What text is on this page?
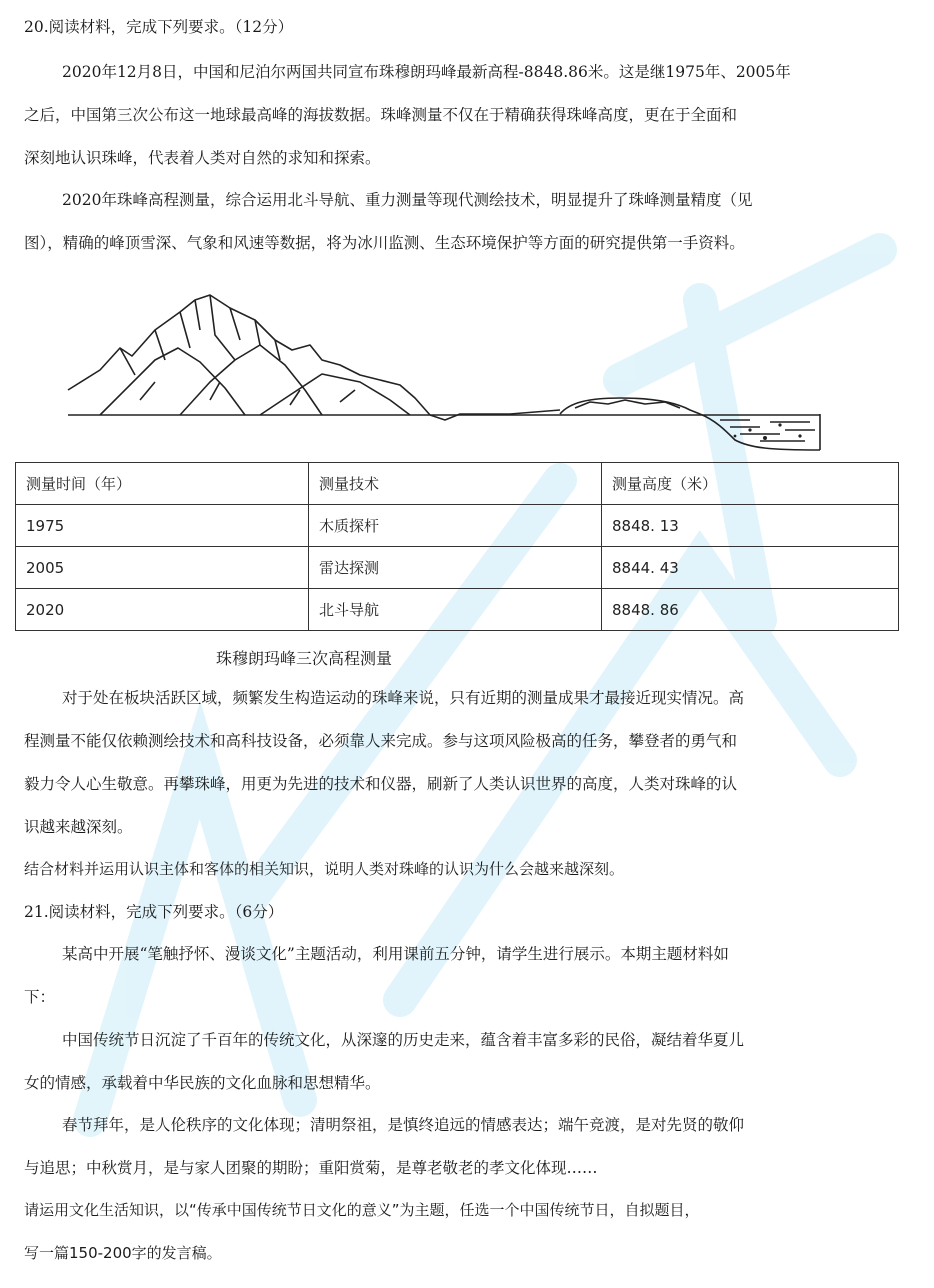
20.阅读材料，完成下列要求。（12分）
2020年12月8日，中国和尼泊尔两国共同宣布珠穆朗玛峰最新高程-8848.86米。这是继1975年、2005年
之后，中国第三次公布这一地球最高峰的海拔数据。珠峰测量不仅在于精确获得珠峰高度，更在于全面和
深刻地认识珠峰，代表着人类对自然的求知和探索。
2020年珠峰高程测量，综合运用北斗导航、重力测量等现代测绘技术，明显提升了珠峰测量精度（见
图），精确的峰顶雪深、气象和风速等数据，将为冰川监测、生态环境保护等方面的研究提供第一手资料。
测量时间（年）	测量技术	测量高度（米）
1975	木质探杆	8848. 13
2005	雷达探测	8844. 43
2020	北斗导航	8848. 86
珠穆朗玛峰三次高程测量
对于处在板块活跃区域，频繁发生构造运动的珠峰来说，只有近期的测量成果才最接近现实情况。高
程测量不能仅依赖测绘技术和高科技设备，必须靠人来完成。参与这项风险极高的任务，攀登者的勇气和
毅力令人心生敬意。再攀珠峰，用更为先进的技术和仪器，刷新了人类认识世界的高度，人类对珠峰的认
识越来越深刻。
结合材料并运用认识主体和客体的相关知识，说明人类对珠峰的认识为什么会越来越深刻。
21.阅读材料，完成下列要求。（6分）
某高中开展“笔触抒怀、漫谈文化”主题活动，利用课前五分钟，请学生进行展示。本期主题材料如
下：
中国传统节日沉淀了千百年的传统文化，从深邃的历史走来，蕴含着丰富多彩的民俗，凝结着华夏儿
女的情感，承载着中华民族的文化血脉和思想精华。
春节拜年，是人伦秩序的文化体现；清明祭祖，是慎终追远的情感表达；端午竞渡，是对先贤的敬仰
与追思；中秋赏月，是与家人团聚的期盼；重阳赏菊，是尊老敬老的孝文化体现……
请运用文化生活知识，以“传承中国传统节日文化的意义”为主题，任选一个中国传统节日，自拟题目，
写一篇150-200字的发言稿。
